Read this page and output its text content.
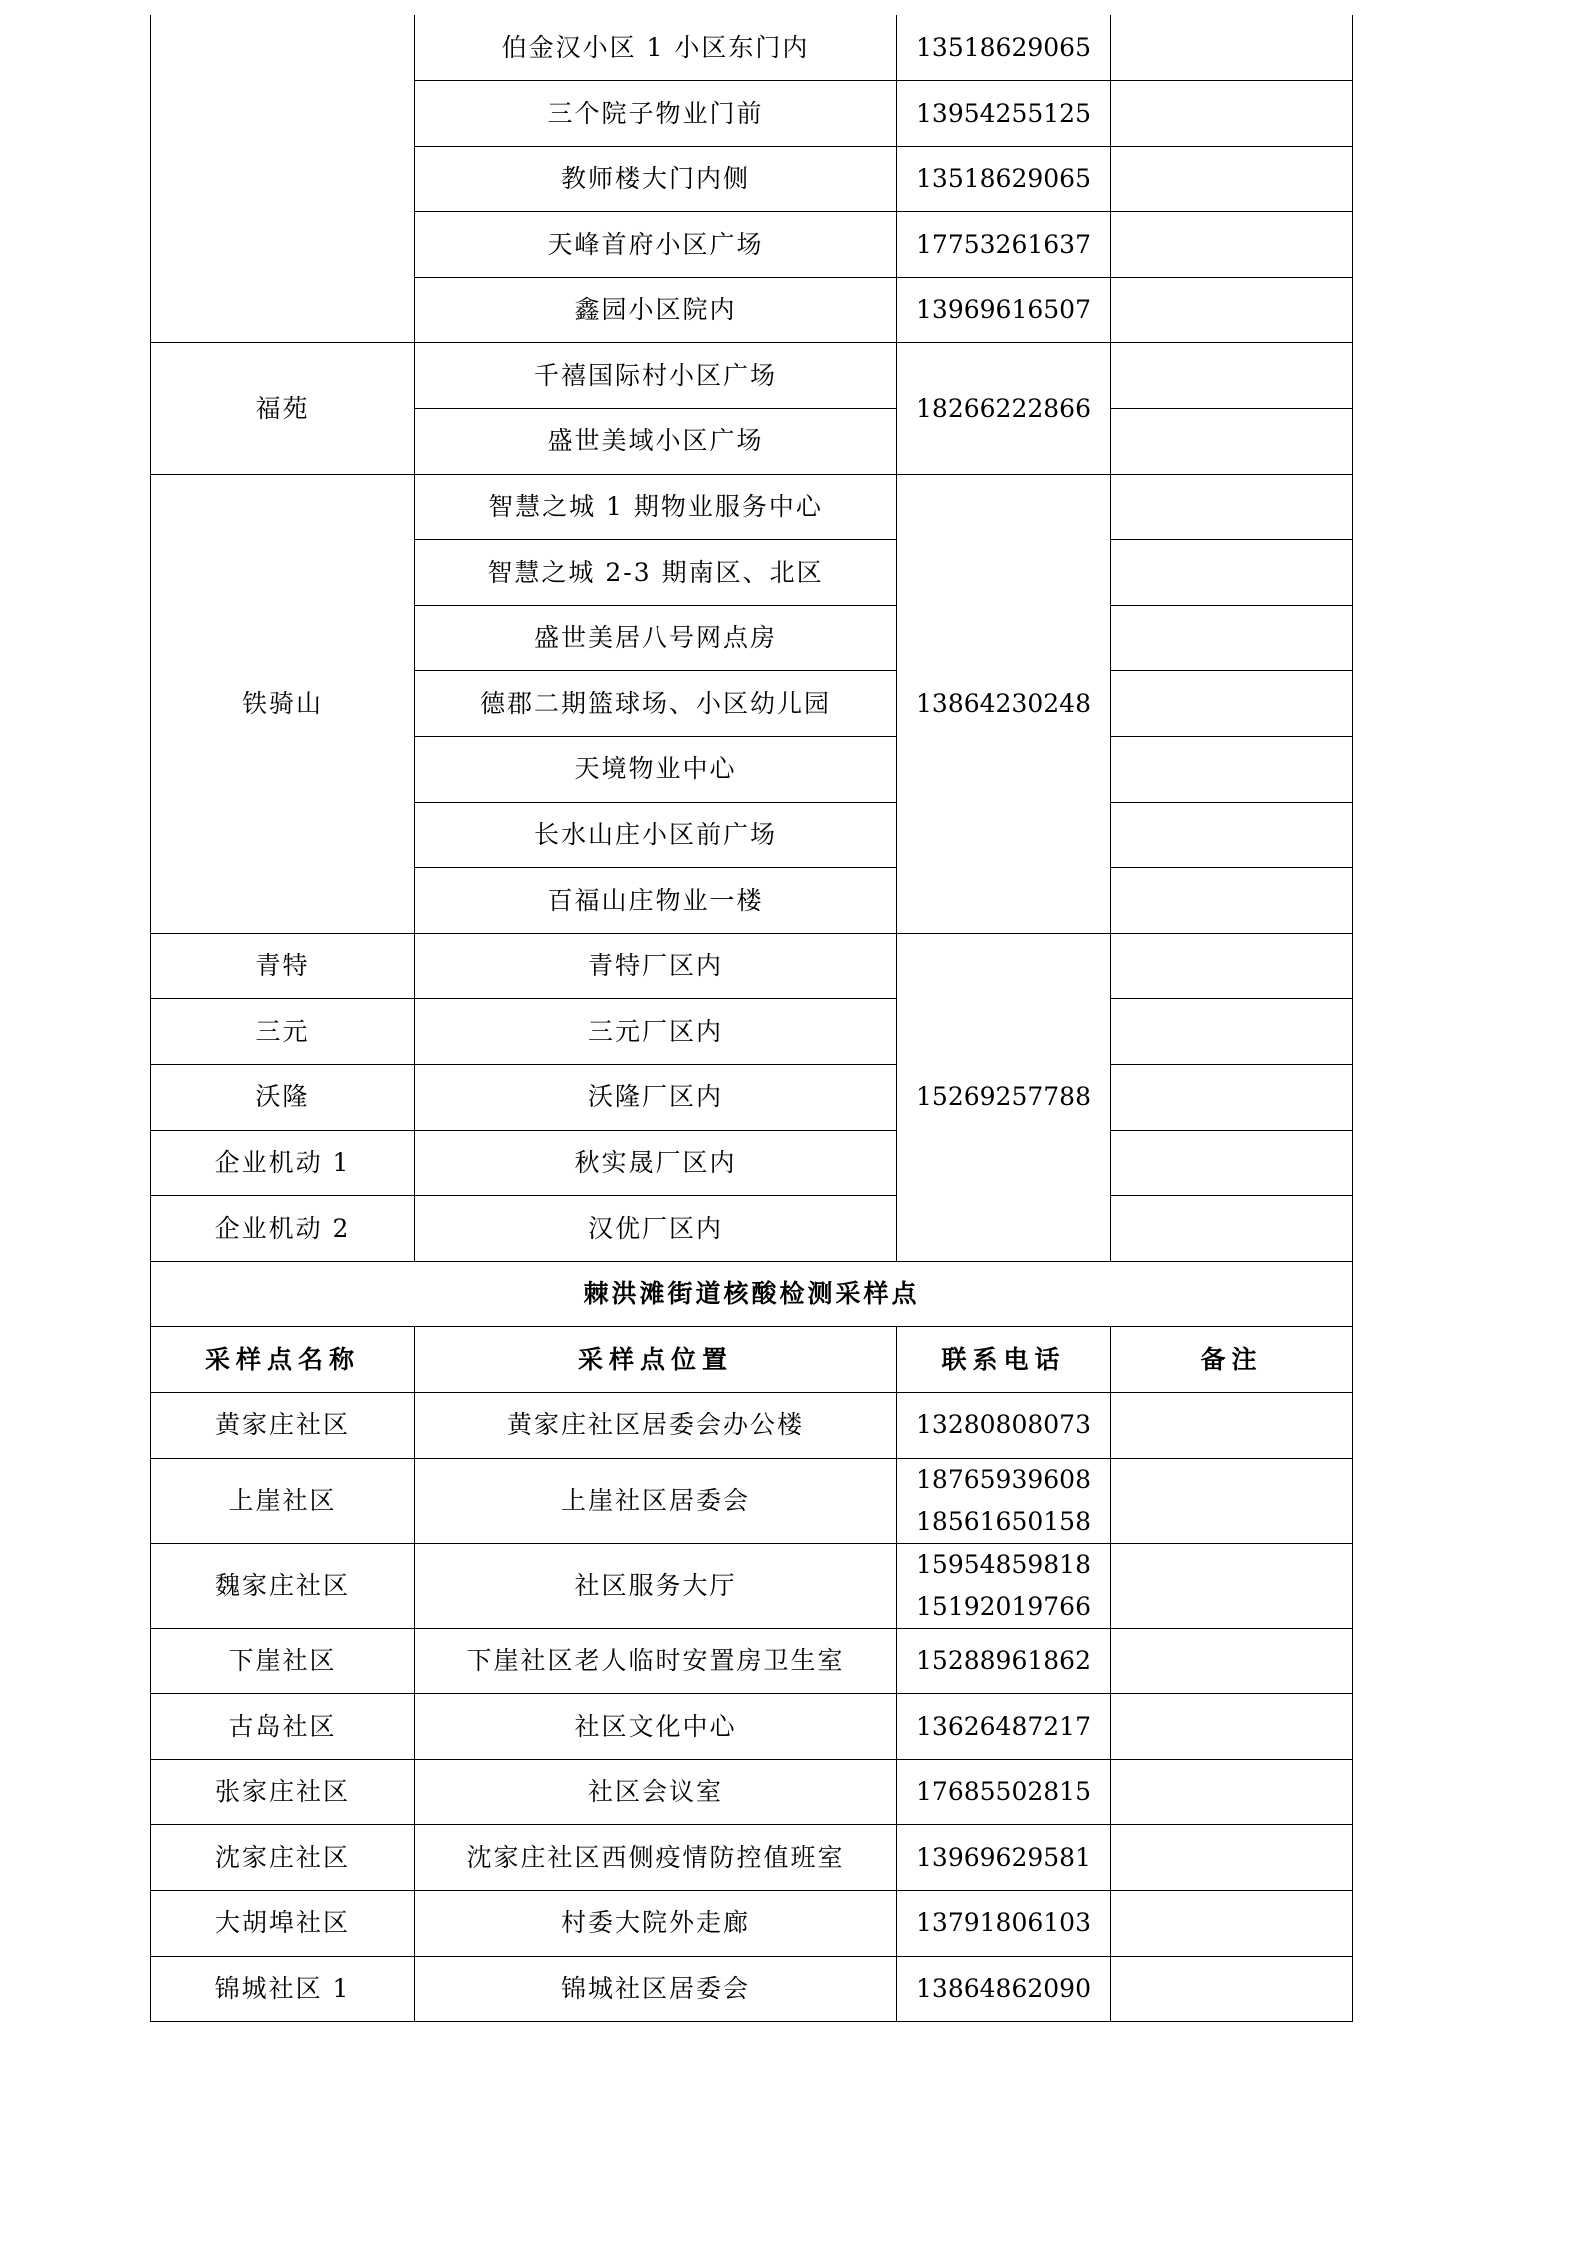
	伯金汉小区 1 小区东门内	13518629065	
	三个院子物业门前	13954255125	
	教师楼大门内侧	13518629065	
	天峰首府小区广场	17753261637	
	鑫园小区院内	13969616507	
福苑	千禧国际村小区广场	18266222866	
	盛世美域小区广场		
铁骑山	智慧之城 1 期物业服务中心	13864230248	
	智慧之城 2-3 期南区、北区		
	盛世美居八号网点房		
	德郡二期篮球场、小区幼儿园		
	天境物业中心		
	长水山庄小区前广场		
	百福山庄物业一楼		
青特	青特厂区内	15269257788	
三元	三元厂区内		
沃隆	沃隆厂区内		
企业机动 1	秋实晟厂区内		
企业机动 2	汉优厂区内		
棘洪滩街道核酸检测采样点			
采样点名称	采样点位置	联系电话	备注
黄家庄社区	黄家庄社区居委会办公楼	13280808073	
上崖社区	上崖社区居委会	18765939608
18561650158	

魏家庄社区	社区服务大厅	15954859818
15192019766	

下崖社区	下崖社区老人临时安置房卫生室	15288961862	
古岛社区	社区文化中心	13626487217	
张家庄社区	社区会议室	17685502815	
沈家庄社区	沈家庄社区西侧疫情防控值班室	13969629581	
大胡埠社区	村委大院外走廊	13791806103	
锦城社区 1	锦城社区居委会	13864862090	
